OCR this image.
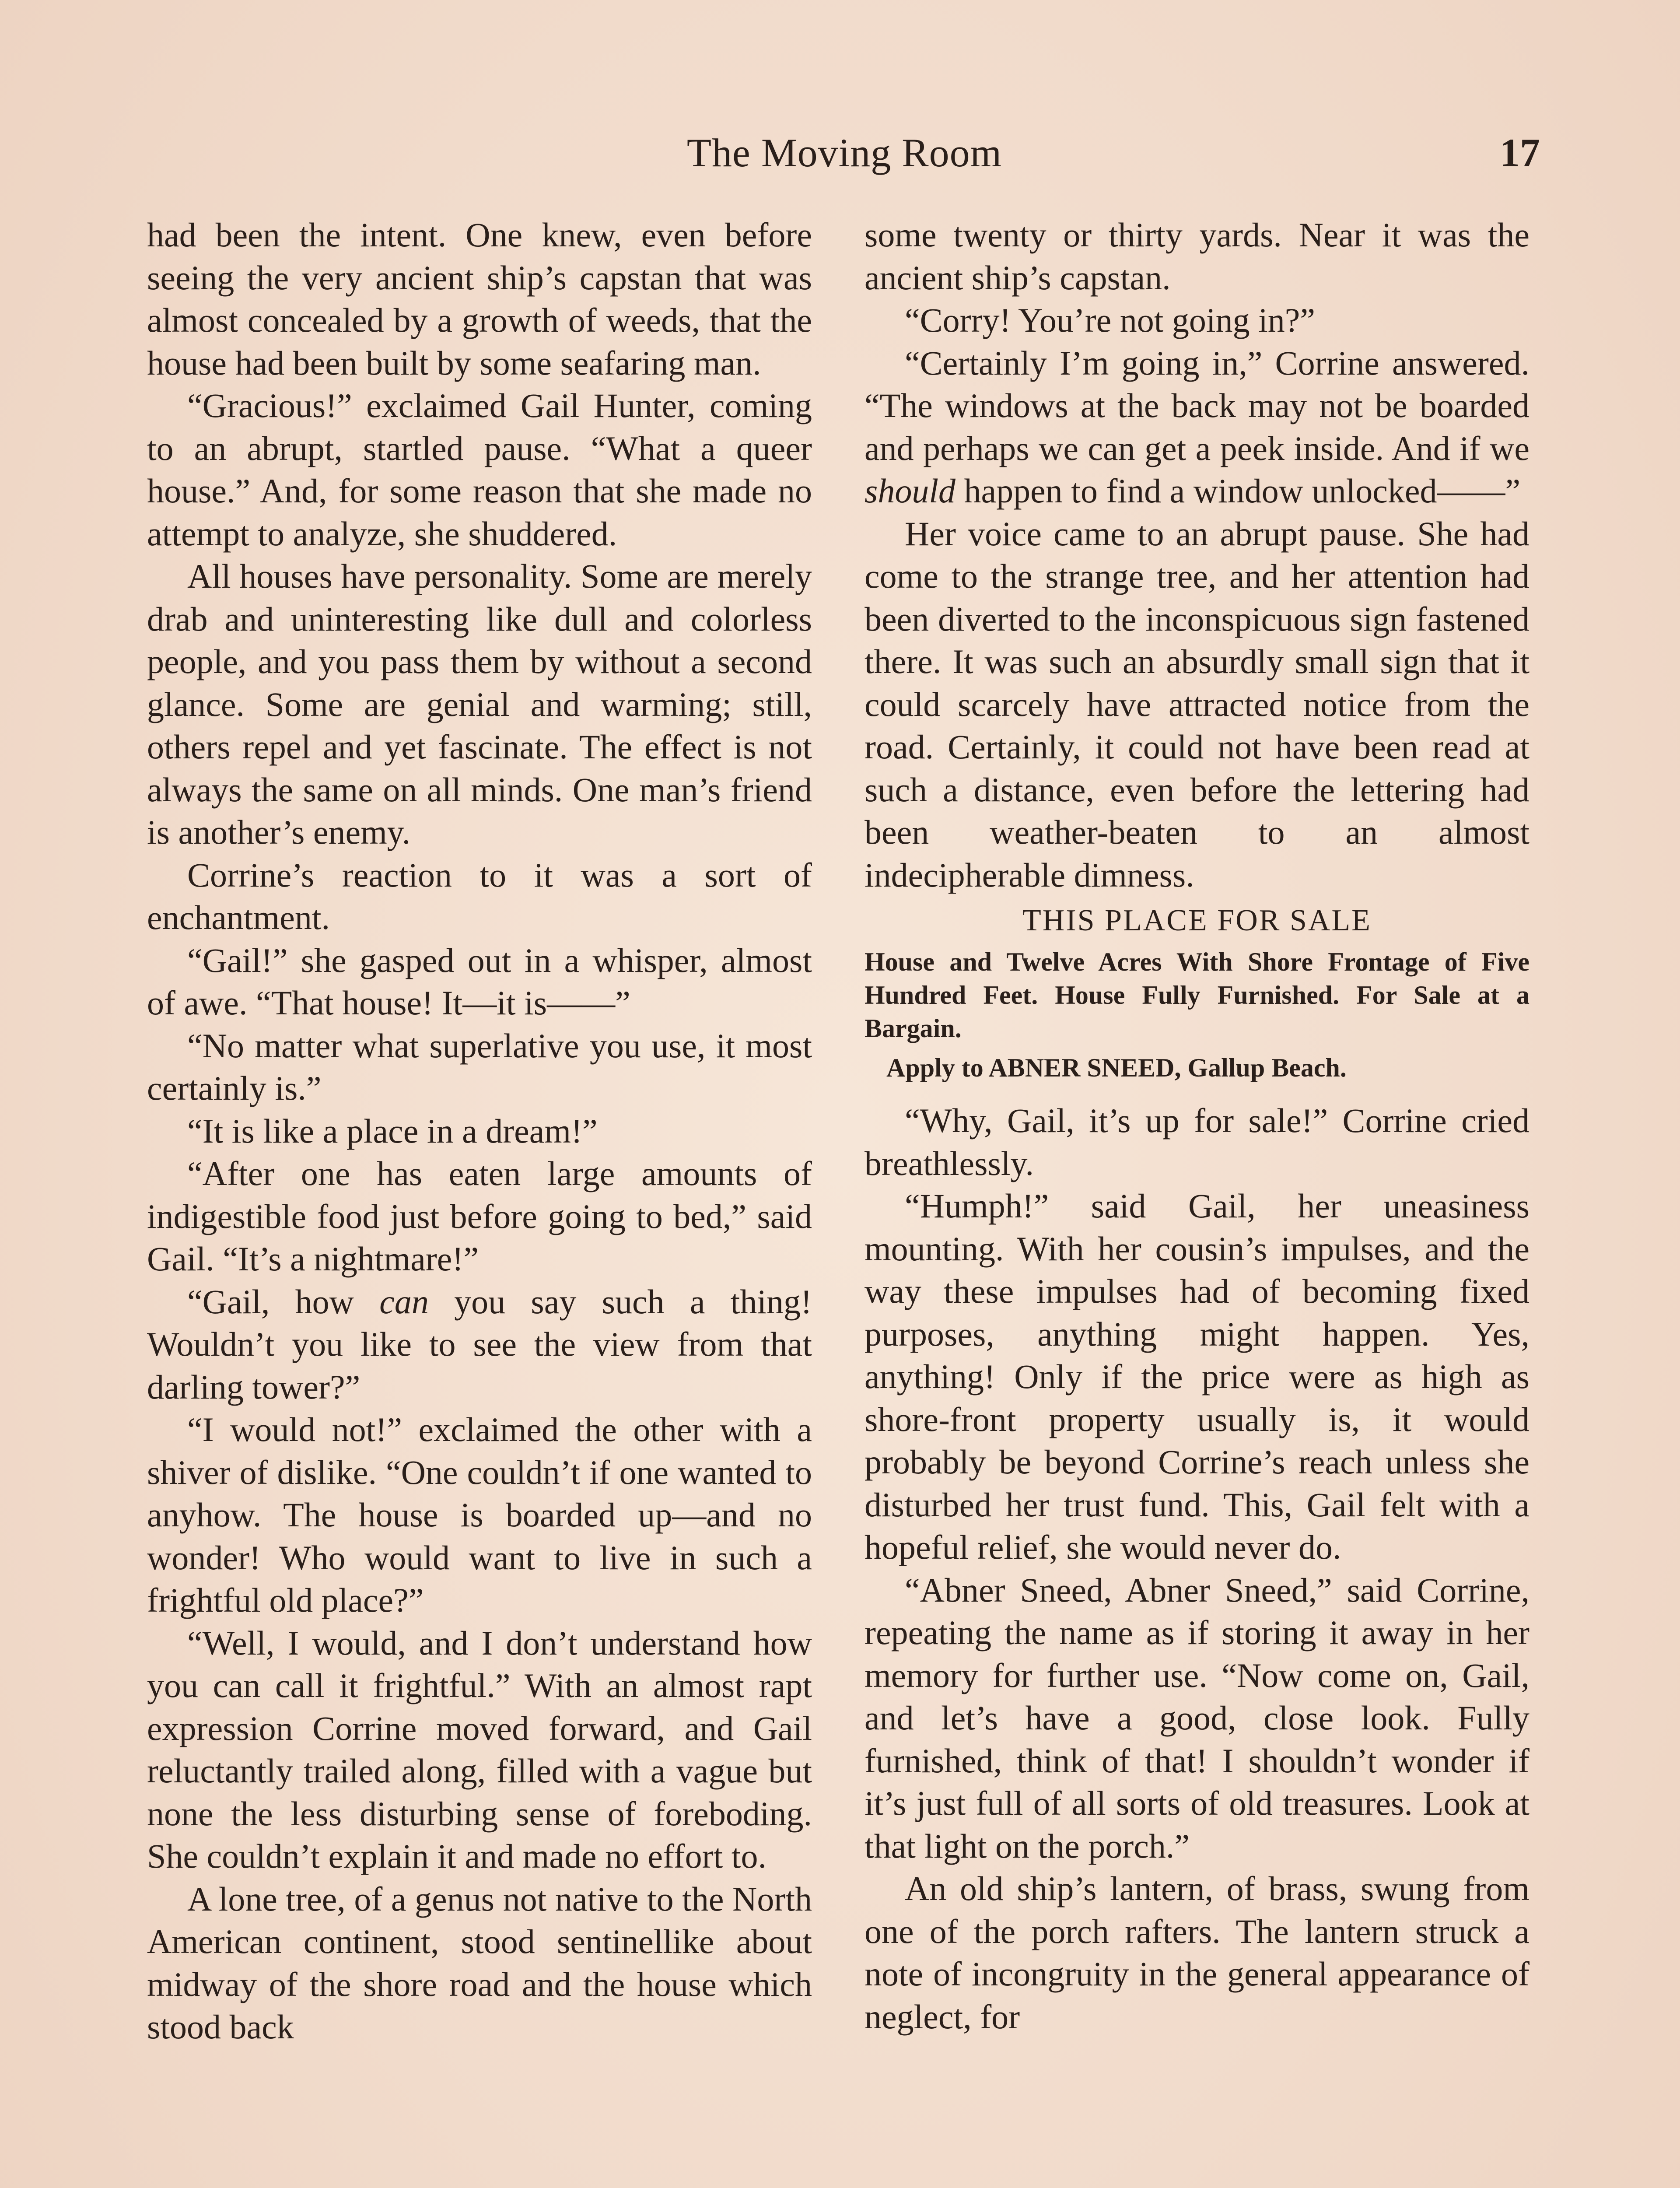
The Moving Room	17

had been the intent. One knew, even before seeing the very ancient ship’s capstan that was almost concealed by a growth of weeds, that the house had been built by some seafaring man.

“Gracious!” exclaimed Gail Hunter, coming to an abrupt, startled pause. “What a queer house.” And, for some reason that she made no attempt to analyze, she shuddered.

All houses have personality. Some are merely drab and uninteresting like dull and colorless people, and you pass them by without a second glance. Some are genial and warming; still, others repel and yet fascinate. The effect is not always the same on all minds. One man’s friend is another’s enemy.

Corrine’s reaction to it was a sort of enchantment.

“Gail!” she gasped out in a whisper, almost of awe. “That house! It—it is——”

“No matter what superlative you use, it most certainly is.”

“It is like a place in a dream!”

“After one has eaten large amounts of indigestible food just before going to bed,” said Gail. “It’s a nightmare!”

“Gail, how can you say such a thing! Wouldn’t you like to see the view from that darling tower?”

“I would not!” exclaimed the other with a shiver of dislike. “One couldn’t if one wanted to anyhow. The house is boarded up—and no wonder! Who would want to live in such a frightful old place?”

“Well, I would, and I don’t understand how you can call it frightful.” With an almost rapt expression Corrine moved forward, and Gail reluctantly trailed along, filled with a vague but none the less disturbing sense of foreboding. She couldn’t explain it and made no effort to.

A lone tree, of a genus not native to the North American continent, stood sentinellike about midway of the shore road and the house which stood back

some twenty or thirty yards. Near it was the ancient ship’s capstan.

“Corry! You’re not going in?”

“Certainly I’m going in,” Corrine answered. “The windows at the back may not be boarded and perhaps we can get a peek inside. And if we should happen to find a window unlocked——”

Her voice came to an abrupt pause. She had come to the strange tree, and her attention had been diverted to the inconspicuous sign fastened there. It was such an absurdly small sign that it could scarcely have attracted notice from the road. Certainly, it could not have been read at such a distance, even before the lettering had been weather-beaten to an almost indecipherable dimness.

THIS PLACE FOR SALE
House and Twelve Acres With Shore Frontage of Five Hundred Feet. House Fully Furnished. For Sale at a Bargain.
Apply to ABNER SNEED, Gallup Beach.

“Why, Gail, it’s up for sale!” Corrine cried breathlessly.

“Humph!” said Gail, her uneasiness mounting. With her cousin’s impulses, and the way these impulses had of becoming fixed purposes, anything might happen. Yes, anything! Only if the price were as high as shore-front property usually is, it would probably be beyond Corrine’s reach unless she disturbed her trust fund. This, Gail felt with a hopeful relief, she would never do.

“Abner Sneed, Abner Sneed,” said Corrine, repeating the name as if storing it away in her memory for further use. “Now come on, Gail, and let’s have a good, close look. Fully furnished, think of that! I shouldn’t wonder if it’s just full of all sorts of old treasures. Look at that light on the porch.”

An old ship’s lantern, of brass, swung from one of the porch rafters. The lantern struck a note of incongruity in the general appearance of neglect, for
